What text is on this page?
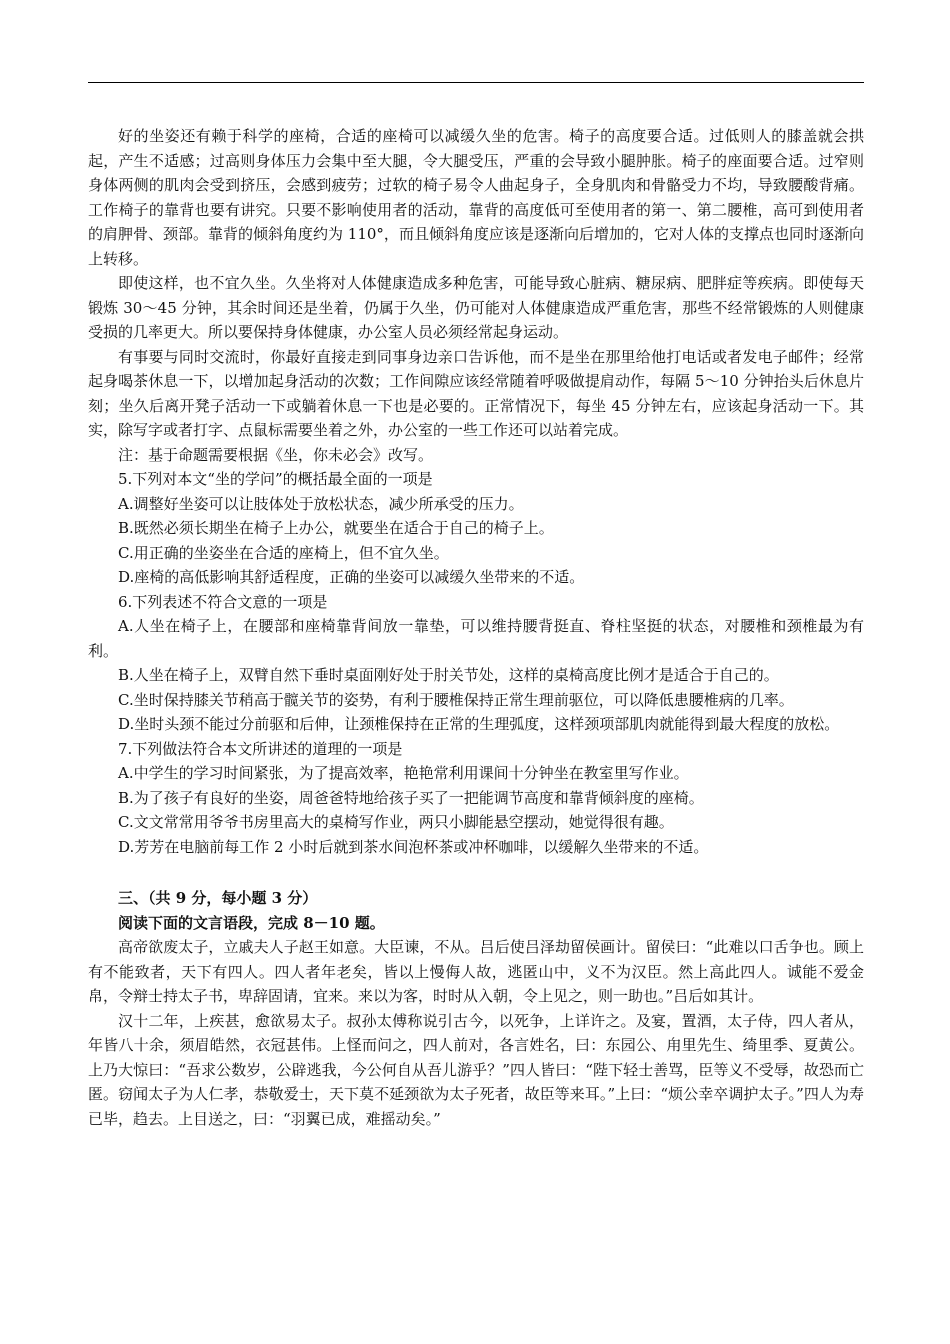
好的坐姿还有赖于科学的座椅，合适的座椅可以减缓久坐的危害。椅子的高度要合适。过低则人的膝盖就会拱起，产生不适感；过高则身体压力会集中至大腿，令大腿受压，严重的会导致小腿肿胀。椅子的座面要合适。过窄则身体两侧的肌肉会受到挤压，会感到疲劳；过软的椅子易令人曲起身子，全身肌肉和骨骼受力不均，导致腰酸背痛。工作椅子的靠背也要有讲究。只要不影响使用者的活动，靠背的高度低可至使用者的第一、第二腰椎，高可到使用者的肩胛骨、颈部。靠背的倾斜角度约为 110°，而且倾斜角度应该是逐渐向后增加的，它对人体的支撑点也同时逐渐向上转移。

即使这样，也不宜久坐。久坐将对人体健康造成多种危害，可能导致心脏病、糖尿病、肥胖症等疾病。即使每天锻炼 30～45 分钟，其余时间还是坐着，仍属于久坐，仍可能对人体健康造成严重危害，那些不经常锻炼的人则健康受损的几率更大。所以要保持身体健康，办公室人员必须经常起身运动。

有事要与同时交流时，你最好直接走到同事身边亲口告诉他，而不是坐在那里给他打电话或者发电子邮件；经常起身喝茶休息一下，以增加起身活动的次数；工作间隙应该经常随着呼吸做提肩动作，每隔 5～10 分钟抬头后休息片刻；坐久后离开凳子活动一下或躺着休息一下也是必要的。正常情况下，每坐 45 分钟左右，应该起身活动一下。其实，除写字或者打字、点鼠标需要坐着之外，办公室的一些工作还可以站着完成。

注：基于命题需要根据《坐，你未必会》改写。

5.下列对本文“坐的学问”的概括最全面的一项是

A.调整好坐姿可以让肢体处于放松状态，减少所承受的压力。

B.既然必须长期坐在椅子上办公，就要坐在适合于自己的椅子上。

C.用正确的坐姿坐在合适的座椅上，但不宜久坐。

D.座椅的高低影响其舒适程度，正确的坐姿可以减缓久坐带来的不适。

6.下列表述不符合文意的一项是

A.人坐在椅子上，在腰部和座椅靠背间放一靠垫，可以维持腰背挺直、脊柱坚挺的状态，对腰椎和颈椎最为有利。

B.人坐在椅子上，双臂自然下垂时桌面刚好处于肘关节处，这样的桌椅高度比例才是适合于自己的。

C.坐时保持膝关节稍高于髋关节的姿势，有利于腰椎保持正常生理前驱位，可以降低患腰椎病的几率。

D.坐时头颈不能过分前驱和后伸，让颈椎保持在正常的生理弧度，这样颈项部肌肉就能得到最大程度的放松。

7.下列做法符合本文所讲述的道理的一项是

A.中学生的学习时间紧张，为了提高效率，艳艳常利用课间十分钟坐在教室里写作业。

B.为了孩子有良好的坐姿，周爸爸特地给孩子买了一把能调节高度和靠背倾斜度的座椅。

C.文文常常用爷爷书房里高大的桌椅写作业，两只小脚能悬空摆动，她觉得很有趣。

D.芳芳在电脑前每工作 2 小时后就到茶水间泡杯茶或冲杯咖啡，以缓解久坐带来的不适。

三、（共 9 分，每小题 3 分）

阅读下面的文言语段，完成 8－10 题。

高帝欲废太子，立戚夫人子赵王如意。大臣谏，不从。吕后使吕泽劫留侯画计。留侯曰：“此难以口舌争也。顾上有不能致者，天下有四人。四人者年老矣，皆以上慢侮人故，逃匿山中，义不为汉臣。然上高此四人。诚能不爱金帛，令辩士持太子书，卑辞固请，宜来。来以为客，时时从入朝，令上见之，则一助也。”吕后如其计。

汉十二年，上疾甚，愈欲易太子。叔孙太傅称说引古今，以死争，上详许之。及宴，置酒，太子侍，四人者从，年皆八十余，须眉皓然，衣冠甚伟。上怪而问之，四人前对，各言姓名，曰：东园公、甪里先生、绮里季、夏黄公。上乃大惊曰：“吾求公数岁，公辟逃我，今公何自从吾儿游乎？”四人皆曰：“陛下轻士善骂，臣等义不受辱，故恐而亡匿。窃闻太子为人仁孝，恭敬爱士，天下莫不延颈欲为太子死者，故臣等来耳。”上曰：“烦公幸卒调护太子。”四人为寿已毕，趋去。上目送之，曰：“羽翼已成，难摇动矣。”
